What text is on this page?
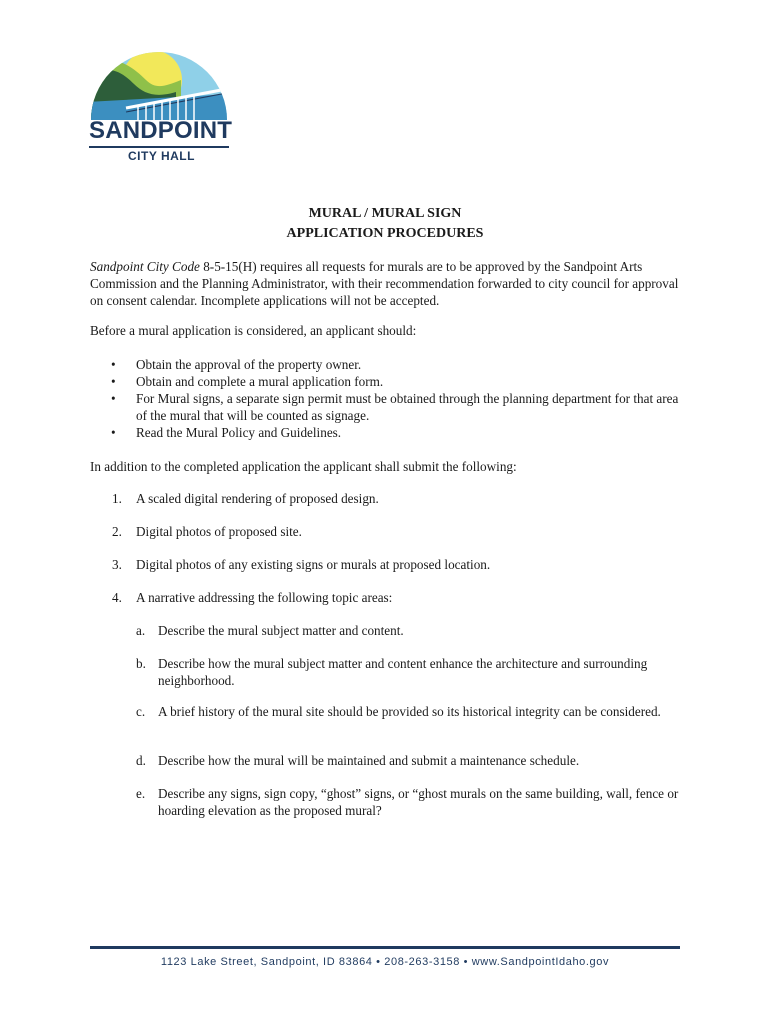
SANDPOINT
CITY HALL
MURAL / MURAL SIGN
APPLICATION PROCEDURES
Sandpoint City Code 8-5-15(H) requires all requests for murals are to be approved by the Sandpoint Arts Commission and the Planning Administrator, with their recommendation forwarded to city council for approval on consent calendar. Incomplete applications will not be accepted.
Before a mural application is considered, an applicant should:
• Obtain the approval of the property owner.
• Obtain and complete a mural application form.
• For Mural signs, a separate sign permit must be obtained through the planning department for that area of the mural that will be counted as signage.
• Read the Mural Policy and Guidelines.
In addition to the completed application the applicant shall submit the following:
1. A scaled digital rendering of proposed design.
2. Digital photos of proposed site.
3. Digital photos of any existing signs or murals at proposed location.
4. A narrative addressing the following topic areas:
a. Describe the mural subject matter and content.
b. Describe how the mural subject matter and content enhance the architecture and surrounding neighborhood.
c. A brief history of the mural site should be provided so its historical integrity can be considered.
d. Describe how the mural will be maintained and submit a maintenance schedule.
e. Describe any signs, sign copy, “ghost” signs, or “ghost murals on the same building, wall, fence or hoarding elevation as the proposed mural?
1123 Lake Street, Sandpoint, ID 83864 • 208-263-3158 • www.SandpointIdaho.gov
